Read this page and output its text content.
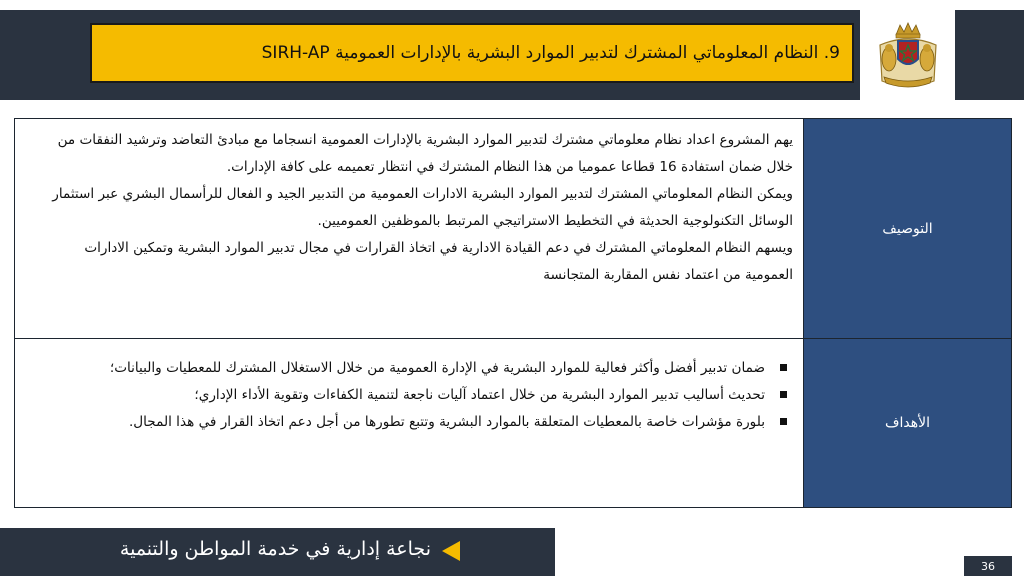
9. النظام المعلوماتي المشترك لتدبير الموارد البشرية بالإدارات العمومية SIRH-AP
التوصيف

يهم المشروع اعداد نظام معلوماتي مشترك لتدبير الموارد البشرية بالإدارات العمومية انسجاما مع مبادئ التعاضد وترشيد النفقات من خلال ضمان استفادة 16 قطاعا عموميا من هذا النظام المشترك في انتظار تعميمه على كافة الإدارات.

ويمكن النظام المعلوماتي المشترك لتدبير الموارد البشرية الادارات العمومية من التدبير الجيد و الفعال للرأسمال البشري عبر استثمار الوسائل التكنولوجية الحديثة في التخطيط الاستراتيجي المرتبط بالموظفين العموميين.

ويسهم النظام المعلوماتي المشترك في دعم القيادة الادارية في اتخاذ القرارات في مجال تدبير الموارد البشرية وتمكين الادارات العمومية من اعتماد نفس المقاربة المتجانسة

الأهداف
ضمان تدبير أفضل وأكثر فعالية للموارد البشرية في الإدارة العمومية من خلال الاستغلال المشترك للمعطيات والبيانات؛
تحديث أساليب تدبير الموارد البشرية من خلال اعتماد آليات ناجعة لتنمية الكفاءات وتقوية الأداء الإداري؛
بلورة مؤشرات خاصة بالمعطيات المتعلقة بالموارد البشرية وتتبع تطورها من أجل دعم اتخاذ القرار في هذا المجال.
نجاعة إدارية في خدمة المواطن والتنمية
36
